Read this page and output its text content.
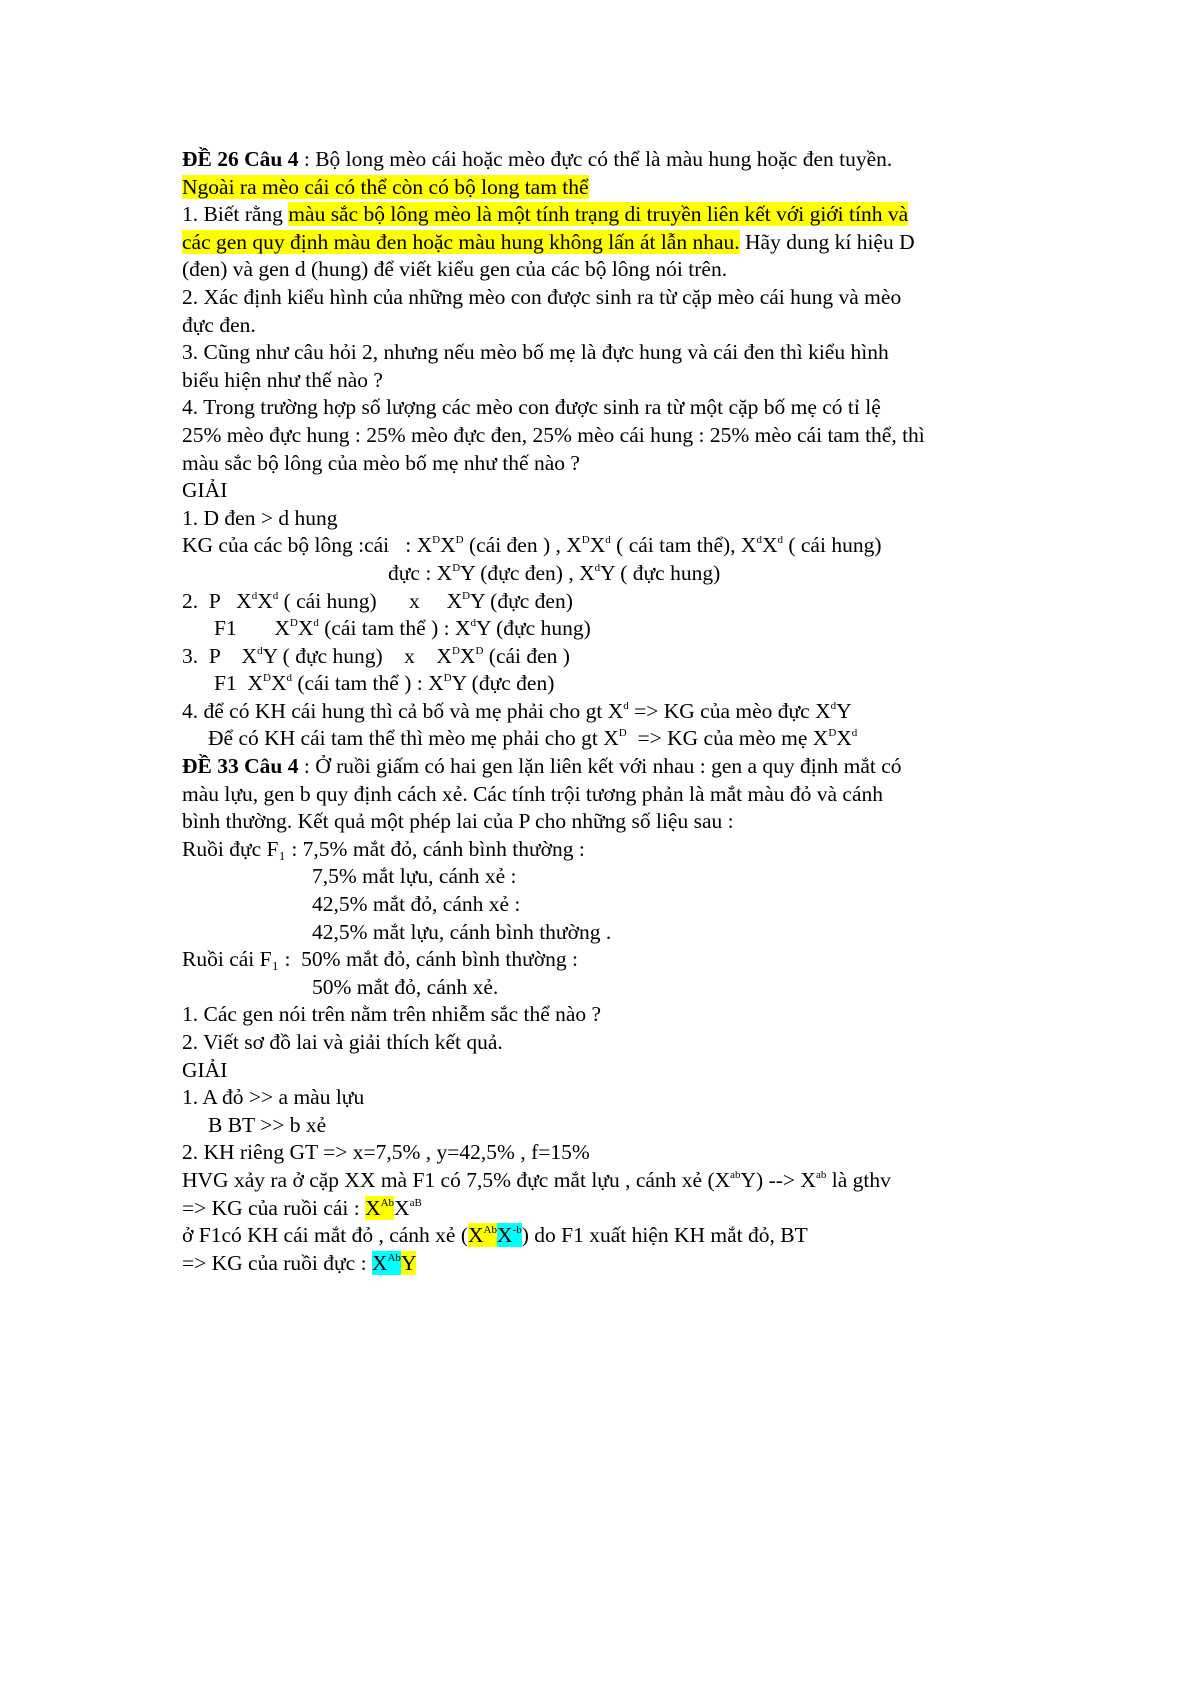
ĐỀ 26 Câu 4 : Bộ long mèo cái hoặc mèo đực có thể là màu hung hoặc đen tuyền.
Ngoài ra mèo cái có thể còn có bộ long tam thể
1. Biết rằng màu sắc bộ lông mèo là một tính trạng di truyền liên kết với giới tính và
các gen quy định màu đen hoặc màu hung không lấn át lẫn nhau. Hãy dung kí hiệu D
(đen) và gen d (hung) để viết kiểu gen của các bộ lông nói trên.
2. Xác định kiểu hình của những mèo con được sinh ra từ cặp mèo cái hung và mèo
đực đen.
3. Cũng như câu hỏi 2, nhưng nếu mèo bố mẹ là đực hung và cái đen thì kiểu hình
biểu hiện như thế nào ?
4. Trong trường hợp số lượng các mèo con được sinh ra từ một cặp bố mẹ có tỉ lệ
25% mèo đực hung : 25% mèo đực đen, 25% mèo cái hung : 25% mèo cái tam thể, thì
màu sắc bộ lông của mèo bố mẹ như thế nào ?
GIẢI
1. D đen > d hung
KG của các bộ lông :cái   : $X^DX^D$ (cái đen ) , $X^DX^d$ ( cái tam thể), $X^dX^d$ ( cái hung)
đực : $X^DY$ (đực đen) , $X^dY$ ( đực hung)
2.  P   $X^dX^d$ ( cái hung)      x     $X^DY$ (đực đen)
F1       $X^DX^d$ (cái tam thể ) : $X^dY$ (đực hung)
3.  P    $X^dY$ ( đực hung)    x    $X^DX^D$ (cái đen )
F1  $X^DX^d$ (cái tam thể ) : $X^DY$ (đực đen)
4. để có KH cái hung thì cả bố và mẹ phải cho gt $X^d$ => KG của mèo đực $X^dY$
Để có KH cái tam thể thì mèo mẹ phải cho gt $X^D$  => KG của mèo mẹ $X^DX^d$
ĐỀ 33 Câu 4 : Ở ruồi giấm có hai gen lặn liên kết với nhau : gen a quy định mắt có
màu lựu, gen b quy định cách xẻ. Các tính trội tương phản là mắt màu đỏ và cánh
bình thường. Kết quả một phép lai của P cho những số liệu sau :
Ruồi đực F₁ : 7,5% mắt đỏ, cánh bình thường :
7,5% mắt lựu, cánh xẻ :
42,5% mắt đỏ, cánh xẻ :
42,5% mắt lựu, cánh bình thường .
Ruồi cái F₁ :  50% mắt đỏ, cánh bình thường :
50% mắt đỏ, cánh xẻ.
1. Các gen nói trên nằm trên nhiễm sắc thể nào ?
2. Viết sơ đồ lai và giải thích kết quả.
GIẢI
1. A đỏ >> a màu lựu
B BT >> b xẻ
2. KH riêng GT => x=7,5% , y=42,5% , f=15%
HVG xảy ra ở cặp XX mà F1 có 7,5% đực mắt lựu , cánh xẻ $(X^{ab}Y)$ --> $X^{ab}$ là gthv
=> KG của ruồi cái : $X^{Ab}X^{aB}$
ở F1có KH cái mắt đỏ , cánh xẻ $(X^{Ab}X^{-b})$ do F1 xuất hiện KH mắt đỏ, BT
=> KG của ruồi đực : $X^{Ab}Y$
